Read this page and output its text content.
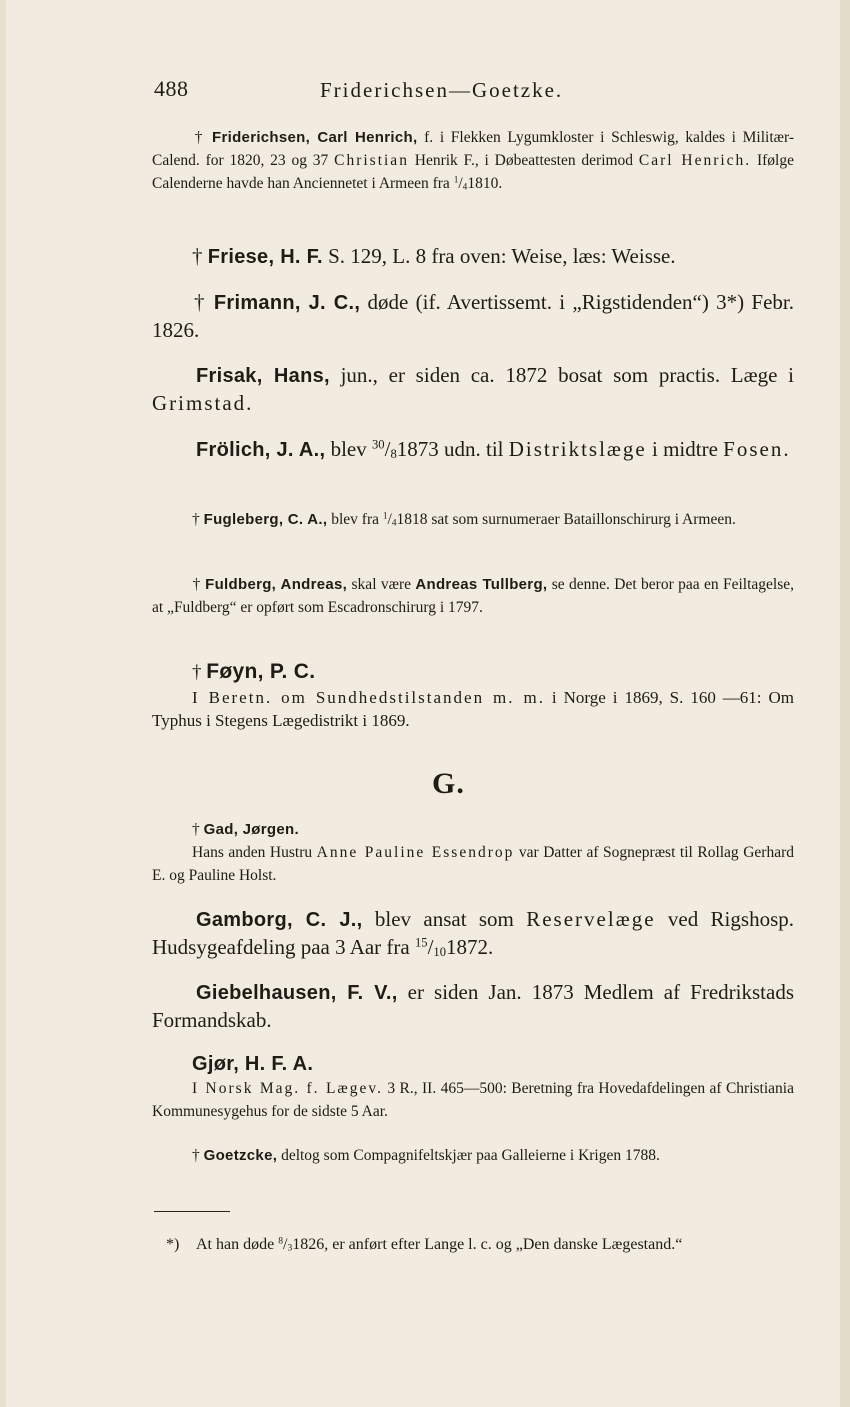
488	Friderichsen—Goetzke.
† Friderichsen, Carl Henrich, f. i Flekken Lygumkloster i Schleswig, kaldes i Militær-Calend. for 1820, 23 og 37 Christian Henrik F., i Døbeattesten derimod Carl Henrich. Ifølge Calenderne havde han Anciennetet i Armeen fra $^1/_41810$.
† Friese, H. F. S. 129, L. 8 fra oven: Weise, læs: Weisse.
† Frimann, J. C., døde (if. Avertissemt. i „Rigstidenden“) 3*) Febr. 1826.
Frisak, Hans, jun., er siden ca. 1872 bosat som practis. Læge i Grimstad.
Frölich, J. A., blev $^{30}/_81873$ udn. til Distriktslæge i midtre Fosen.
† Fugleberg, C. A., blev fra $^1/_41818$ sat som surnumeraer Bataillonschirurg i Armeen.
† Fuldberg, Andreas, skal være Andreas Tullberg, se denne. Det beror paa en Feiltagelse, at „Fuldberg“ er opført som Escadronschirurg i 1797.
† Føyn, P. C.
I Beretn. om Sundhedstilstanden m. m. i Norge i 1869, S. 160 —61: Om Typhus i Stegens Lægedistrikt i 1869.
G.
† Gad, Jørgen.
Hans anden Hustru Anne Pauline Essendrop var Datter af Sognepræst til Rollag Gerhard E. og Pauline Holst.
Gamborg, C. J., blev ansat som Reservelæge ved Rigshosp. Hudsygeafdeling paa 3 Aar fra $^{15}/_{10}1872$.
Giebelhausen, F. V., er siden Jan. 1873 Medlem af Fredrikstads Formandskab.
Gjør, H. F. A.
I Norsk Mag. f. Lægev. 3 R., II. 465—500: Beretning fra Hovedafdelingen af Christiania Kommunesygehus for de sidste 5 Aar.
† Goetzcke, deltog som Compagnifeltskjær paa Galleierne i Krigen 1788.
*) At han døde $^8/_31826$, er anført efter Lange l. c. og „Den danske Lægestand.“
